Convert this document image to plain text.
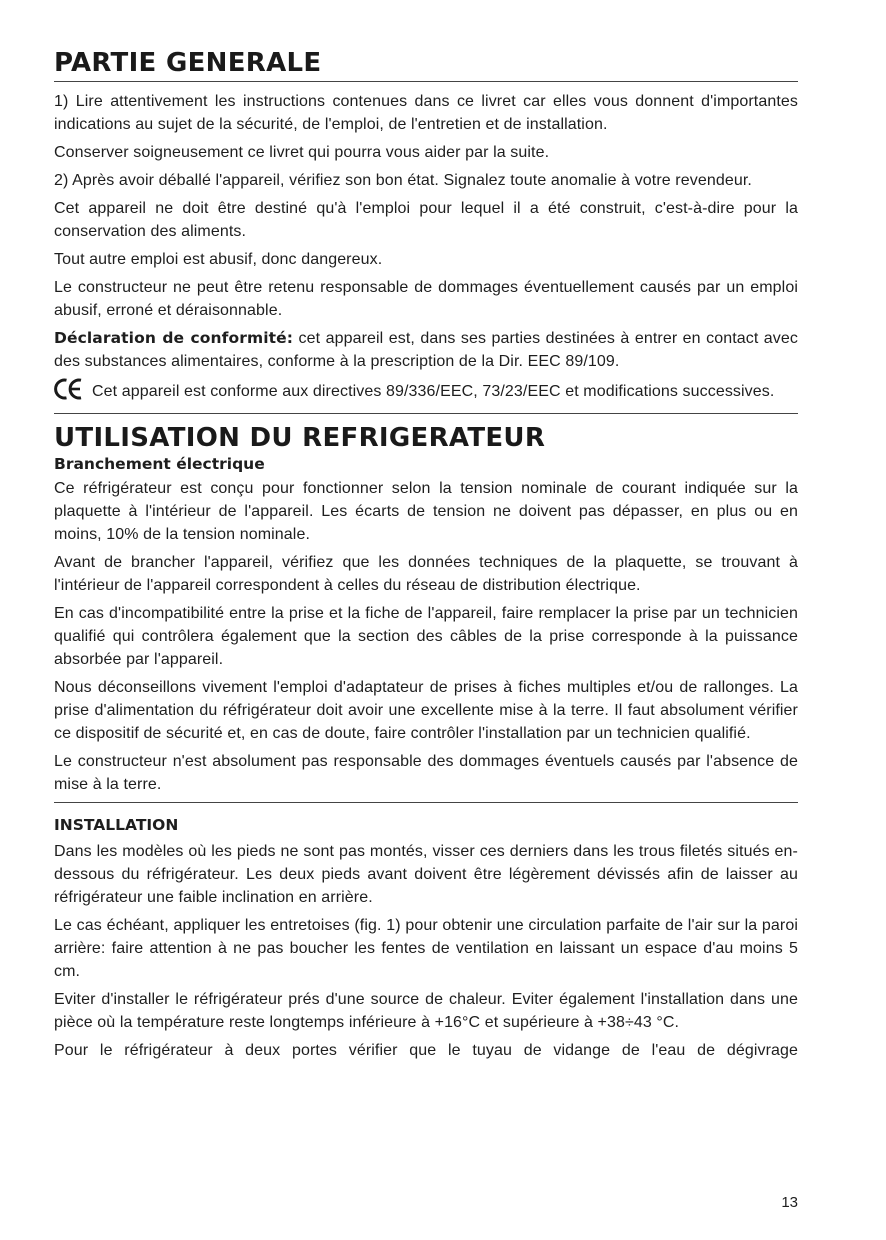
PARTIE GENERALE

1) Lire attentivement les instructions contenues dans ce livret car elles vous donnent d'importantes indications au sujet de la sécurité, de l'emploi, de l'entretien et de installation.

Conserver soigneusement ce livret qui pourra vous aider par la suite.

2) Après avoir déballé l'appareil, vérifiez son bon état. Signalez toute anomalie à votre revendeur.

Cet appareil ne doit être destiné qu'à l'emploi pour lequel il a été construit, c'est-à-dire pour la conservation des aliments.

Tout autre emploi est abusif, donc dangereux.

Le constructeur ne peut être retenu responsable de dommages éventuellement causés par un emploi abusif, erroné et déraisonnable.

Déclaration de conformité: cet appareil est, dans ses parties destinées à entrer en contact avec des substances alimentaires, conforme à la prescription de la Dir. EEC 89/109.

Cet appareil est conforme aux directives 89/336/EEC, 73/23/EEC et modifications successives.

UTILISATION DU REFRIGERATEUR
Branchement électrique

Ce réfrigérateur est conçu pour fonctionner selon la tension nominale de courant indiquée sur la plaquette à l'intérieur de l'appareil. Les écarts de tension ne doivent pas dépasser, en plus ou en moins, 10% de la tension nominale.

Avant de brancher l'appareil, vérifiez que les données techniques de la plaquette, se trouvant à l'intérieur de l'appareil correspondent à celles du réseau de distribution électrique.

En cas d'incompatibilité entre la prise et la fiche de l'appareil, faire remplacer la prise par un technicien qualifié qui contrôlera également que la section des câbles de la prise corresponde à la puissance absorbée par l'appareil.

Nous déconseillons vivement l'emploi d'adaptateur de prises à fiches multiples et/ou de rallonges. La prise d'alimentation du réfrigérateur doit avoir une excellente mise à la terre. Il faut absolument vérifier ce dispositif de sécurité et, en cas de doute, faire contrôler l'installation par un technicien qualifié.

Le constructeur n'est absolument pas responsable des dommages éventuels causés par l'absence de mise à la terre.

INSTALLATION

Dans les modèles où les pieds ne sont pas montés, visser ces derniers dans les trous filetés situés en-dessous du réfrigérateur. Les deux pieds avant doivent être légèrement dévissés afin de laisser au réfrigérateur une faible inclination en arrière.

Le cas échéant, appliquer les entretoises (fig. 1) pour obtenir une circulation parfaite de l'air sur la paroi arrière: faire attention à ne pas boucher les fentes de ventilation en laissant un espace d'au moins 5 cm.

Eviter d'installer le réfrigérateur prés d'une source de chaleur. Eviter également l'installation dans une pièce où la température reste longtemps inférieure à +16°C et supérieure à +38÷43 °C.

Pour le réfrigérateur à deux portes vérifier que le tuyau de vidange de l'eau de dégivrage

13
